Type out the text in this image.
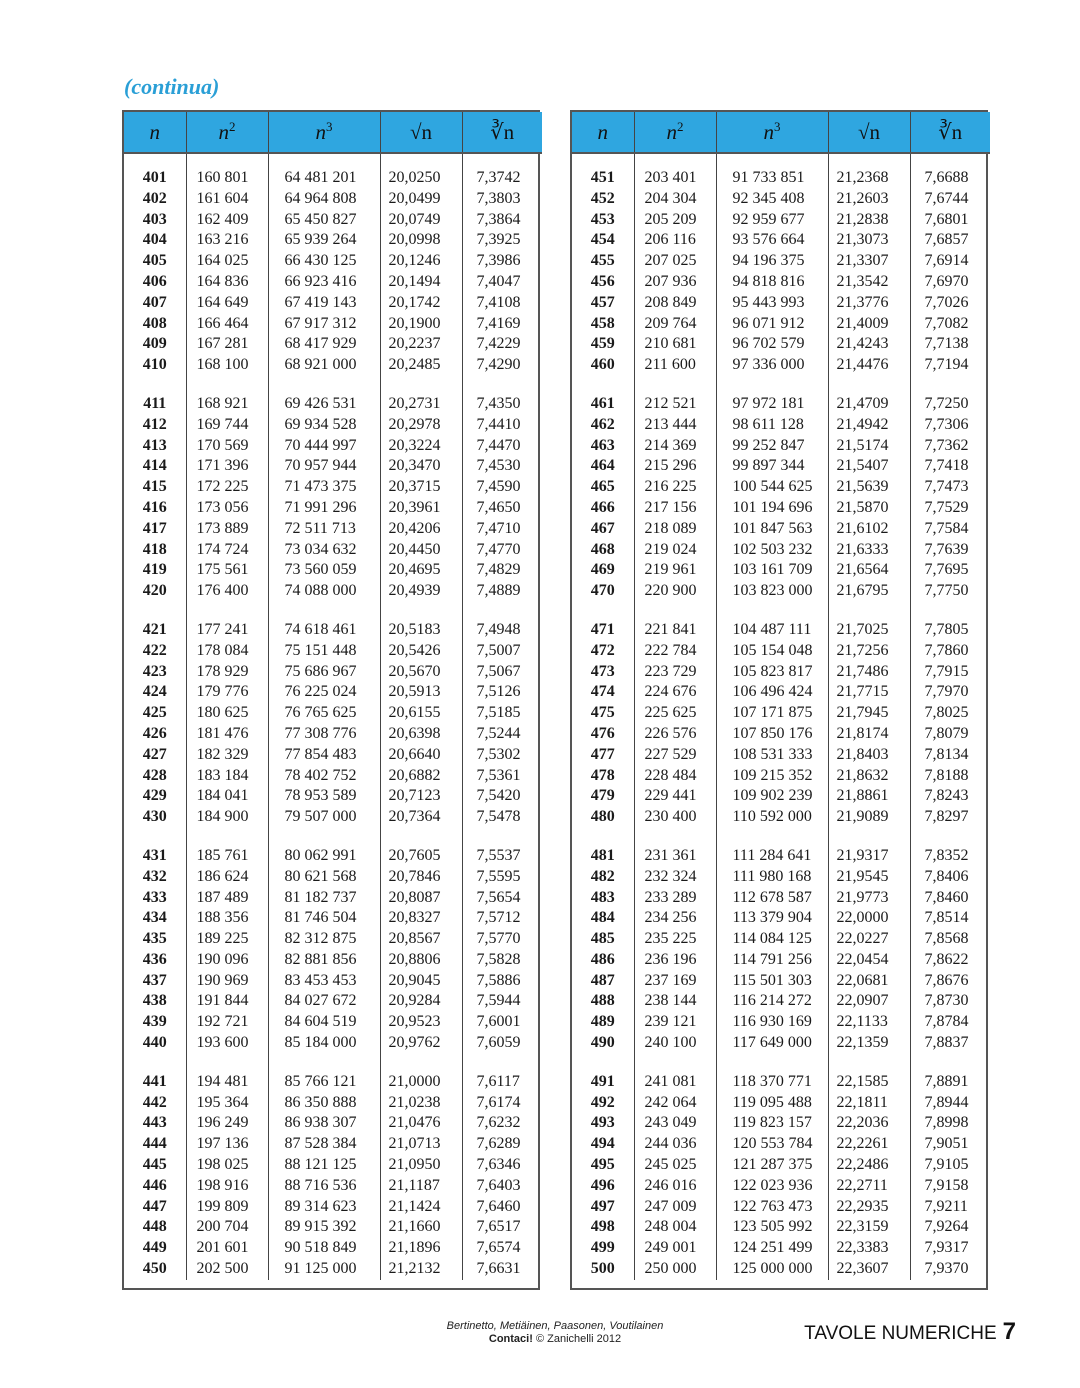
(continua)
n	$n^2$	$n^3$	√n	∛n

401	160 801	64 481 201	20,0250	7,3742
402	161 604	64 964 808	20,0499	7,3803
403	162 409	65 450 827	20,0749	7,3864
404	163 216	65 939 264	20,0998	7,3925
405	164 025	66 430 125	20,1246	7,3986
406	164 836	66 923 416	20,1494	7,4047
407	164 649	67 419 143	20,1742	7,4108
408	166 464	67 917 312	20,1900	7,4169
409	167 281	68 417 929	20,2237	7,4229
410	168 100	68 921 000	20,2485	7,4290

411	168 921	69 426 531	20,2731	7,4350
412	169 744	69 934 528	20,2978	7,4410
413	170 569	70 444 997	20,3224	7,4470
414	171 396	70 957 944	20,3470	7,4530
415	172 225	71 473 375	20,3715	7,4590
416	173 056	71 991 296	20,3961	7,4650
417	173 889	72 511 713	20,4206	7,4710
418	174 724	73 034 632	20,4450	7,4770
419	175 561	73 560 059	20,4695	7,4829
420	176 400	74 088 000	20,4939	7,4889

421	177 241	74 618 461	20,5183	7,4948
422	178 084	75 151 448	20,5426	7,5007
423	178 929	75 686 967	20,5670	7,5067
424	179 776	76 225 024	20,5913	7,5126
425	180 625	76 765 625	20,6155	7,5185
426	181 476	77 308 776	20,6398	7,5244
427	182 329	77 854 483	20,6640	7,5302
428	183 184	78 402 752	20,6882	7,5361
429	184 041	78 953 589	20,7123	7,5420
430	184 900	79 507 000	20,7364	7,5478

431	185 761	80 062 991	20,7605	7,5537
432	186 624	80 621 568	20,7846	7,5595
433	187 489	81 182 737	20,8087	7,5654
434	188 356	81 746 504	20,8327	7,5712
435	189 225	82 312 875	20,8567	7,5770
436	190 096	82 881 856	20,8806	7,5828
437	190 969	83 453 453	20,9045	7,5886
438	191 844	84 027 672	20,9284	7,5944
439	192 721	84 604 519	20,9523	7,6001
440	193 600	85 184 000	20,9762	7,6059

441	194 481	85 766 121	21,0000	7,6117
442	195 364	86 350 888	21,0238	7,6174
443	196 249	86 938 307	21,0476	7,6232
444	197 136	87 528 384	21,0713	7,6289
445	198 025	88 121 125	21,0950	7,6346
446	198 916	88 716 536	21,1187	7,6403
447	199 809	89 314 623	21,1424	7,6460
448	200 704	89 915 392	21,1660	7,6517
449	201 601	90 518 849	21,1896	7,6574
450	202 500	91 125 000	21,2132	7,6631
n	$n^2$	$n^3$	√n	∛n

451	203 401	91 733 851	21,2368	7,6688
452	204 304	92 345 408	21,2603	7,6744
453	205 209	92 959 677	21,2838	7,6801
454	206 116	93 576 664	21,3073	7,6857
455	207 025	94 196 375	21,3307	7,6914
456	207 936	94 818 816	21,3542	7,6970
457	208 849	95 443 993	21,3776	7,7026
458	209 764	96 071 912	21,4009	7,7082
459	210 681	96 702 579	21,4243	7,7138
460	211 600	97 336 000	21,4476	7,7194

461	212 521	97 972 181	21,4709	7,7250
462	213 444	98 611 128	21,4942	7,7306
463	214 369	99 252 847	21,5174	7,7362
464	215 296	99 897 344	21,5407	7,7418
465	216 225	100 544 625	21,5639	7,7473
466	217 156	101 194 696	21,5870	7,7529
467	218 089	101 847 563	21,6102	7,7584
468	219 024	102 503 232	21,6333	7,7639
469	219 961	103 161 709	21,6564	7,7695
470	220 900	103 823 000	21,6795	7,7750

471	221 841	104 487 111	21,7025	7,7805
472	222 784	105 154 048	21,7256	7,7860
473	223 729	105 823 817	21,7486	7,7915
474	224 676	106 496 424	21,7715	7,7970
475	225 625	107 171 875	21,7945	7,8025
476	226 576	107 850 176	21,8174	7,8079
477	227 529	108 531 333	21,8403	7,8134
478	228 484	109 215 352	21,8632	7,8188
479	229 441	109 902 239	21,8861	7,8243
480	230 400	110 592 000	21,9089	7,8297

481	231 361	111 284 641	21,9317	7,8352
482	232 324	111 980 168	21,9545	7,8406
483	233 289	112 678 587	21,9773	7,8460
484	234 256	113 379 904	22,0000	7,8514
485	235 225	114 084 125	22,0227	7,8568
486	236 196	114 791 256	22,0454	7,8622
487	237 169	115 501 303	22,0681	7,8676
488	238 144	116 214 272	22,0907	7,8730
489	239 121	116 930 169	22,1133	7,8784
490	240 100	117 649 000	22,1359	7,8837

491	241 081	118 370 771	22,1585	7,8891
492	242 064	119 095 488	22,1811	7,8944
493	243 049	119 823 157	22,2036	7,8998
494	244 036	120 553 784	22,2261	7,9051
495	245 025	121 287 375	22,2486	7,9105
496	246 016	122 023 936	22,2711	7,9158
497	247 009	122 763 473	22,2935	7,9211
498	248 004	123 505 992	22,3159	7,9264
499	249 001	124 251 499	22,3383	7,9317
500	250 000	125 000 000	22,3607	7,9370
Bertinetto, Metiäinen, Paasonen, Voutilainen
Contaci! © Zanichelli 2012	TAVOLE NUMERICHE 7
